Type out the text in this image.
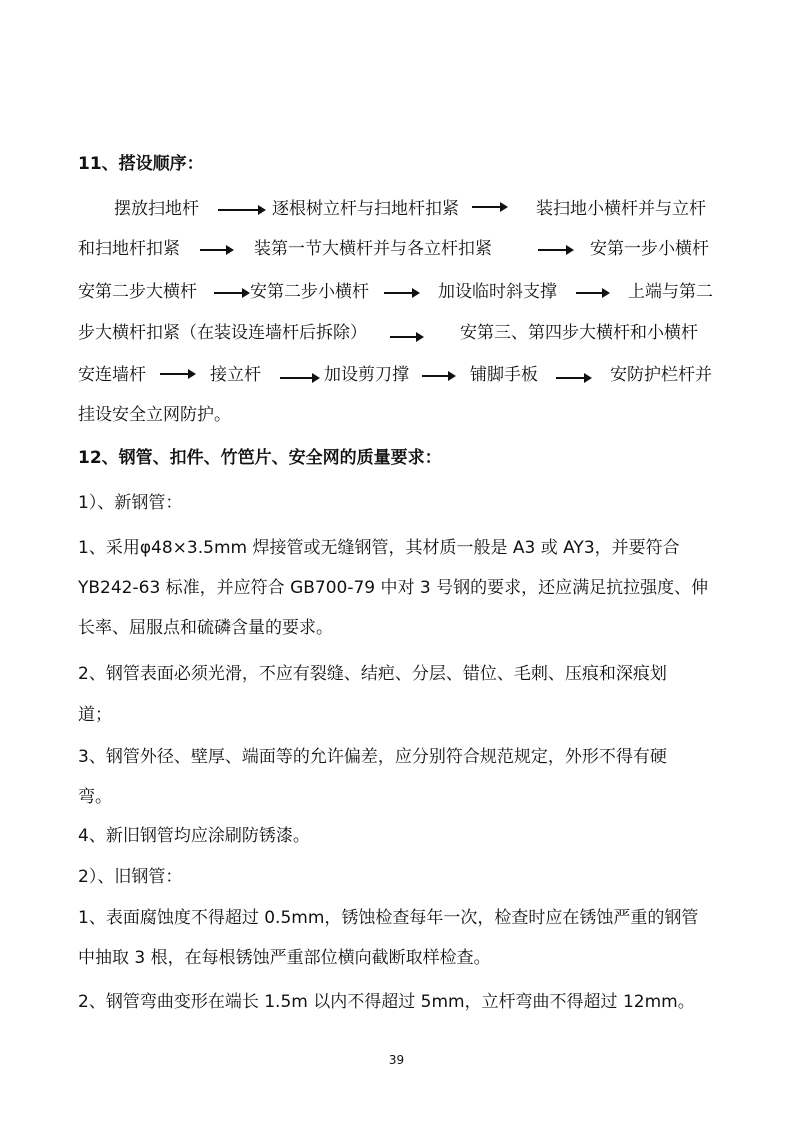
11、搭设顺序：
摆放扫地杆	逐根树立杆与扫地杆扣紧	装扫地小横杆并与立杆
和扫地杆扣紧	装第一节大横杆并与各立杆扣紧	安第一步小横杆
安第二步大横杆	安第二步小横杆	加设临时斜支撑	上端与第二
步大横杆扣紧（在装设连墙杆后拆除）	安第三、第四步大横杆和小横杆
安连墙杆	接立杆	加设剪刀撑	铺脚手板	安防护栏杆并
挂设安全立网防护。
12、钢管、扣件、竹笆片、安全网的质量要求：
1）、新钢管：
1、采用φ48×3.5mm 焊接管或无缝钢管，其材质一般是 A3 或 AY3，并要符合
YB242-63 标准，并应符合 GB700-79 中对 3 号钢的要求，还应满足抗拉强度、伸
长率、屈服点和硫磷含量的要求。
2、钢管表面必须光滑，不应有裂缝、结疤、分层、错位、毛刺、压痕和深痕划
道；
3、钢管外径、壁厚、端面等的允许偏差，应分别符合规范规定，外形不得有硬
弯。
4、新旧钢管均应涂刷防锈漆。
2）、旧钢管：
1、表面腐蚀度不得超过 0.5mm，锈蚀检查每年一次，检查时应在锈蚀严重的钢管
中抽取 3 根，在每根锈蚀严重部位横向截断取样检查。
2、钢管弯曲变形在端长 1.5m 以内不得超过 5mm，立杆弯曲不得超过 12mm。
39
